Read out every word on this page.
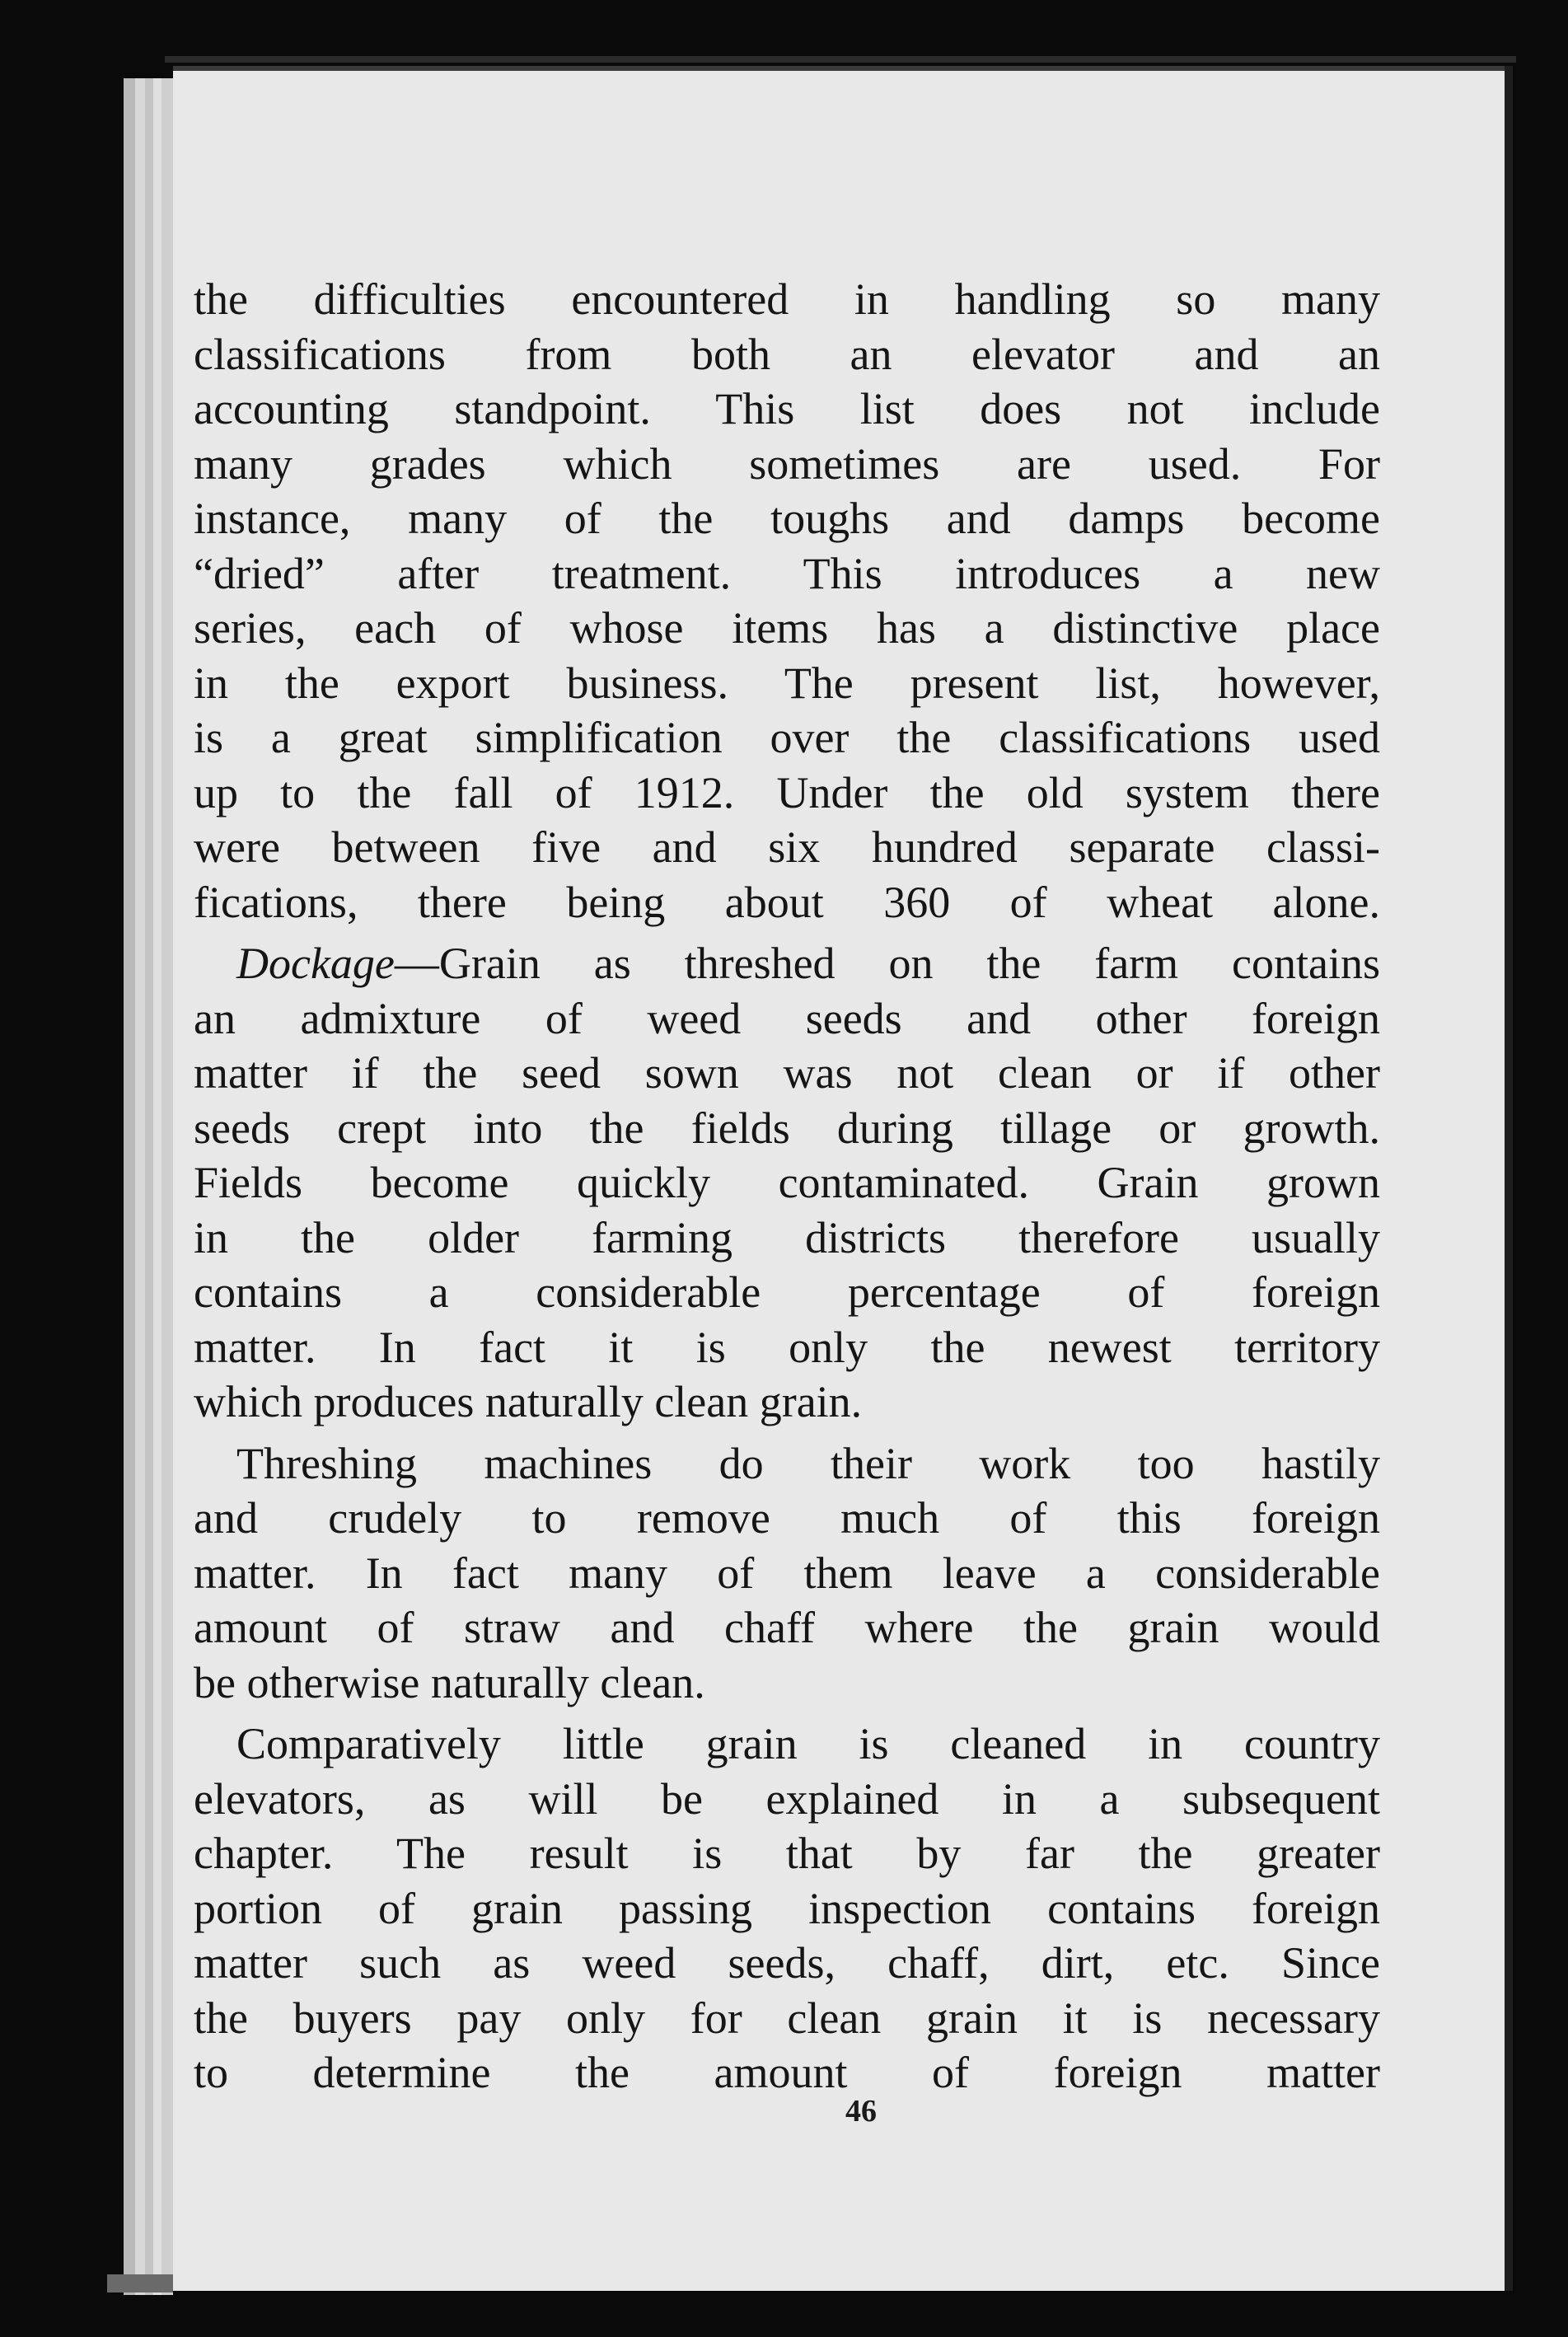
the difficulties encountered in handling so many
classifications from both an elevator and an
accounting standpoint. This list does not include
many grades which sometimes are used. For
instance, many of the toughs and damps become
“dried” after treatment. This introduces a new
series, each of whose items has a distinctive place
in the export business. The present list, however,
is a great simplification over the classifications used
up to the fall of 1912. Under the old system there
were between five and six hundred separate classi-
fications, there being about 360 of wheat alone.
Dockage—Grain as threshed on the farm contains
an admixture of weed seeds and other foreign
matter if the seed sown was not clean or if other
seeds crept into the fields during tillage or growth.
Fields become quickly contaminated. Grain grown
in the older farming districts therefore usually
contains a considerable percentage of foreign
matter. In fact it is only the newest territory
which produces naturally clean grain.
Threshing machines do their work too hastily
and crudely to remove much of this foreign
matter. In fact many of them leave a considerable
amount of straw and chaff where the grain would
be otherwise naturally clean.
Comparatively little grain is cleaned in country
elevators, as will be explained in a subsequent
chapter. The result is that by far the greater
portion of grain passing inspection contains foreign
matter such as weed seeds, chaff, dirt, etc. Since
the buyers pay only for clean grain it is necessary
to determine the amount of foreign matter
46
